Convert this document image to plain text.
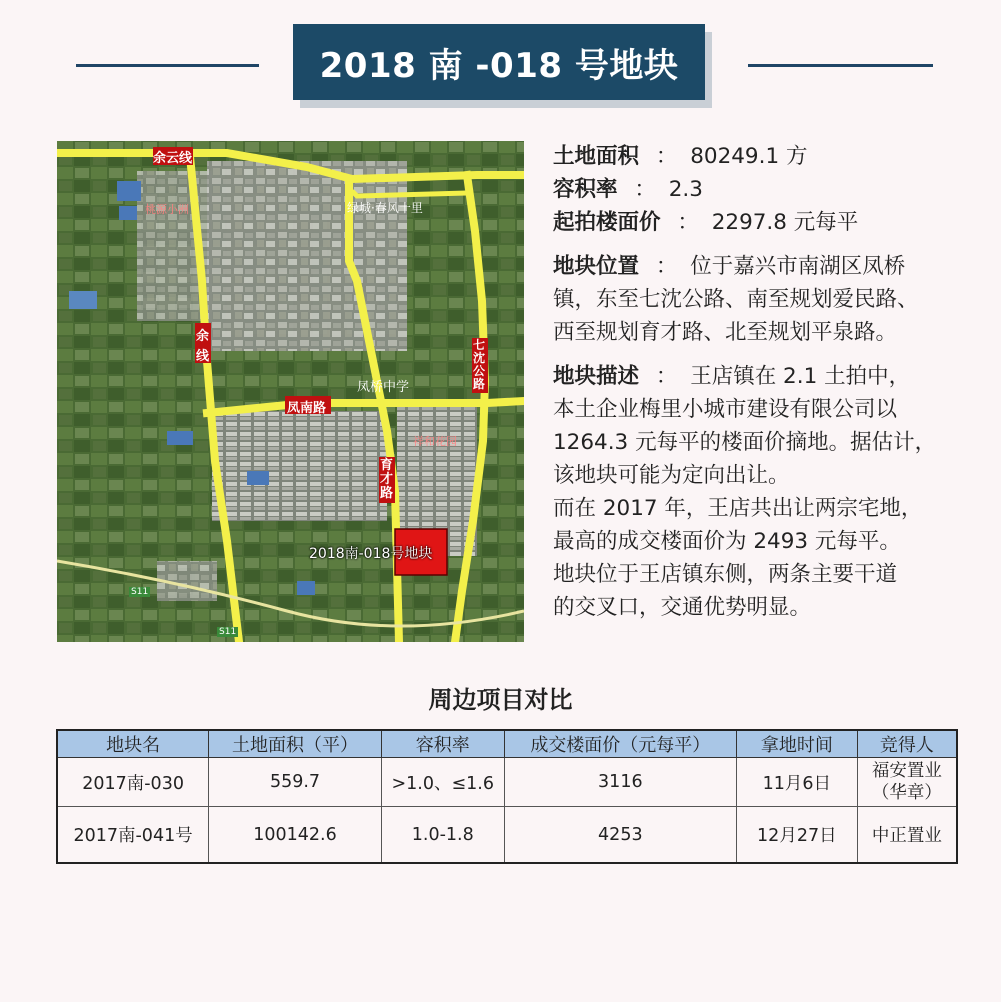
2018 南 -018 号地块
余云线
余
线
凤南路
育才路
七沈公路
绿城·春风十里
凤桥中学
祥和花园
桃源小洲
2018南-018号地块
S11
S11
土地面积 ： 80249.1 方
容积率 ： 2.3
起拍楼面价 ： 2297.8 元每平
地块位置 ： 位于嘉兴市南湖区凤桥
镇，东至七沈公路、南至规划爱民路、
西至规划育才路、北至规划平泉路。
地块描述 ： 王店镇在 2.1 土拍中，
本土企业梅里小城市建设有限公司以
1264.3 元每平的楼面价摘地。据估计，
该地块可能为定向出让。
而在 2017 年，王店共出让两宗宅地，
最高的成交楼面价为 2493 元每平。
地块位于王店镇东侧，两条主要干道
的交叉口，交通优势明显。
周边项目对比
地块名	土地面积（平）	容积率	成交楼面价（元每平）	拿地时间	竞得人
2017南-030	559.7	>1.0、≤1.6	3116	11月6日	福安置业
（华章）

2017南-041号	100142.6	1.0-1.8	4253	12月27日	中正置业
